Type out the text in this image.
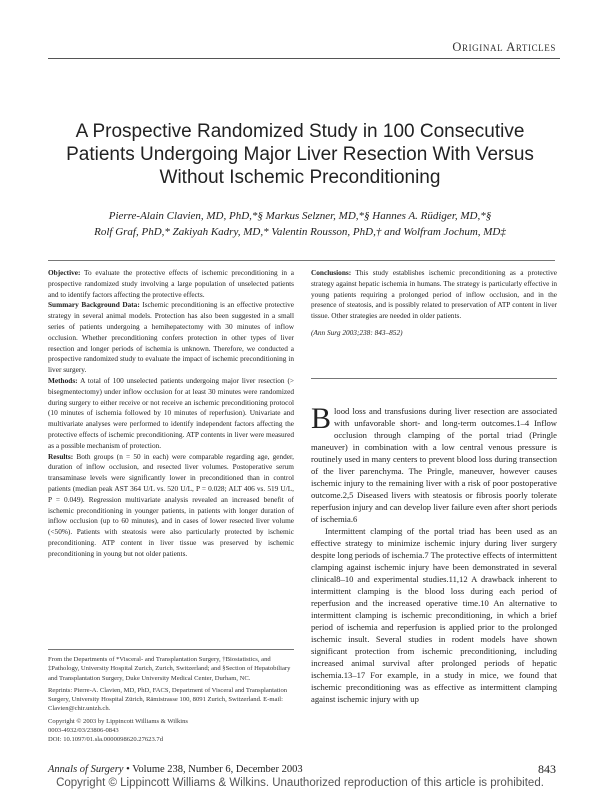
Original Articles
A Prospective Randomized Study in 100 Consecutive
Patients Undergoing Major Liver Resection With Versus
Without Ischemic Preconditioning
Pierre-Alain Clavien, MD, PhD,*§ Markus Selzner, MD,*§ Hannes A. Rüdiger, MD,*§
Rolf Graf, PhD,* Zakiyah Kadry, MD,* Valentin Rousson, PhD,† and Wolfram Jochum, MD‡

Objective: To evaluate the protective effects of ischemic preconditioning in a prospective randomized study involving a large population of unselected patients and to identify factors affecting the protective effects.

Summary Background Data: Ischemic preconditioning is an effective protective strategy in several animal models. Protection has also been suggested in a small series of patients undergoing a hemihepatectomy with 30 minutes of inflow occlusion. Whether preconditioning confers protection in other types of liver resection and longer periods of ischemia is unknown. Therefore, we conducted a prospective randomized study to evaluate the impact of ischemic preconditioning in liver surgery.

Methods: A total of 100 unselected patients undergoing major liver resection (> bisegmentectomy) under inflow occlusion for at least 30 minutes were randomized during surgery to either receive or not receive an ischemic preconditioning protocol (10 minutes of ischemia followed by 10 minutes of reperfusion). Univariate and multivariate analyses were performed to identify independent factors affecting the protective effects of ischemic preconditioning. ATP contents in liver were measured as a possible mechanism of protection.

Results: Both groups (n = 50 in each) were comparable regarding age, gender, duration of inflow occlusion, and resected liver volumes. Postoperative serum transaminase levels were significantly lower in preconditioned than in control patients (median peak AST 364 U/L vs. 520 U/L, P = 0.028; ALT 406 vs. 519 U/L, P = 0.049). Regression multivariate analysis revealed an increased benefit of ischemic preconditioning in younger patients, in patients with longer duration of inflow occlusion (up to 60 minutes), and in cases of lower resected liver volume (<50%). Patients with steatosis were also particularly protected by ischemic preconditioning. ATP content in liver tissue was preserved by ischemic preconditioning in young but not older patients.

Conclusions: This study establishes ischemic preconditioning as a protective strategy against hepatic ischemia in humans. The strategy is particularly effective in young patients requiring a prolonged period of inflow occlusion, and in the presence of steatosis, and is possibly related to preservation of ATP content in liver tissue. Other strategies are needed in older patients.

(Ann Surg 2003;238: 843–852)

Blood loss and transfusions during liver resection are associated with unfavorable short- and long-term outcomes.1–4 Inflow occlusion through clamping of the portal triad (Pringle maneuver) in combination with a low central venous pressure is routinely used in many centers to prevent blood loss during transection of the liver parenchyma. The Pringle, maneuver, however causes ischemic injury to the remaining liver with a risk of poor postoperative outcome.2,5 Diseased livers with steatosis or fibrosis poorly tolerate reperfusion injury and can develop liver failure even after short periods of ischemia.6

Intermittent clamping of the portal triad has been used as an effective strategy to minimize ischemic injury during liver surgery despite long periods of ischemia.7 The protective effects of intermittent clamping against ischemic injury have been demonstrated in several clinical8–10 and experimental studies.11,12 A drawback inherent to intermittent clamping is the blood loss during each period of reperfusion and the increased operative time.10 An alternative to intermittent clamping is ischemic preconditioning, in which a brief period of ischemia and reperfusion is applied prior to the prolonged ischemic insult. Several studies in rodent models have shown significant protection from ischemic preconditioning, including increased animal survival after prolonged periods of hepatic ischemia.13–17 For example, in a study in mice, we found that ischemic preconditioning was as effective as intermittent clamping against ischemic injury with up

From the Departments of *Visceral- and Transplantation Surgery, †Biostatistics, and ‡Pathology, University Hospital Zurich, Zurich, Switzerland; and §Section of Hepatobiliary and Transplantation Surgery, Duke University Medical Center, Durham, NC.

Reprints: Pierre-A. Clavien, MD, PhD, FACS, Department of Visceral and Transplantation Surgery, University Hospital Zürich, Rämistrasse 100, 8091 Zurich, Switzerland. E-mail: Clavien@chir.unizh.ch.

Copyright © 2003 by Lippincott Williams & Wilkins

0003-4932/03/23806-0843

DOI: 10.1097/01.sla.0000098620.27623.7d

Annals of Surgery • Volume 238, Number 6, December 2003	843
Copyright © Lippincott Williams & Wilkins. Unauthorized reproduction of this article is prohibited.
